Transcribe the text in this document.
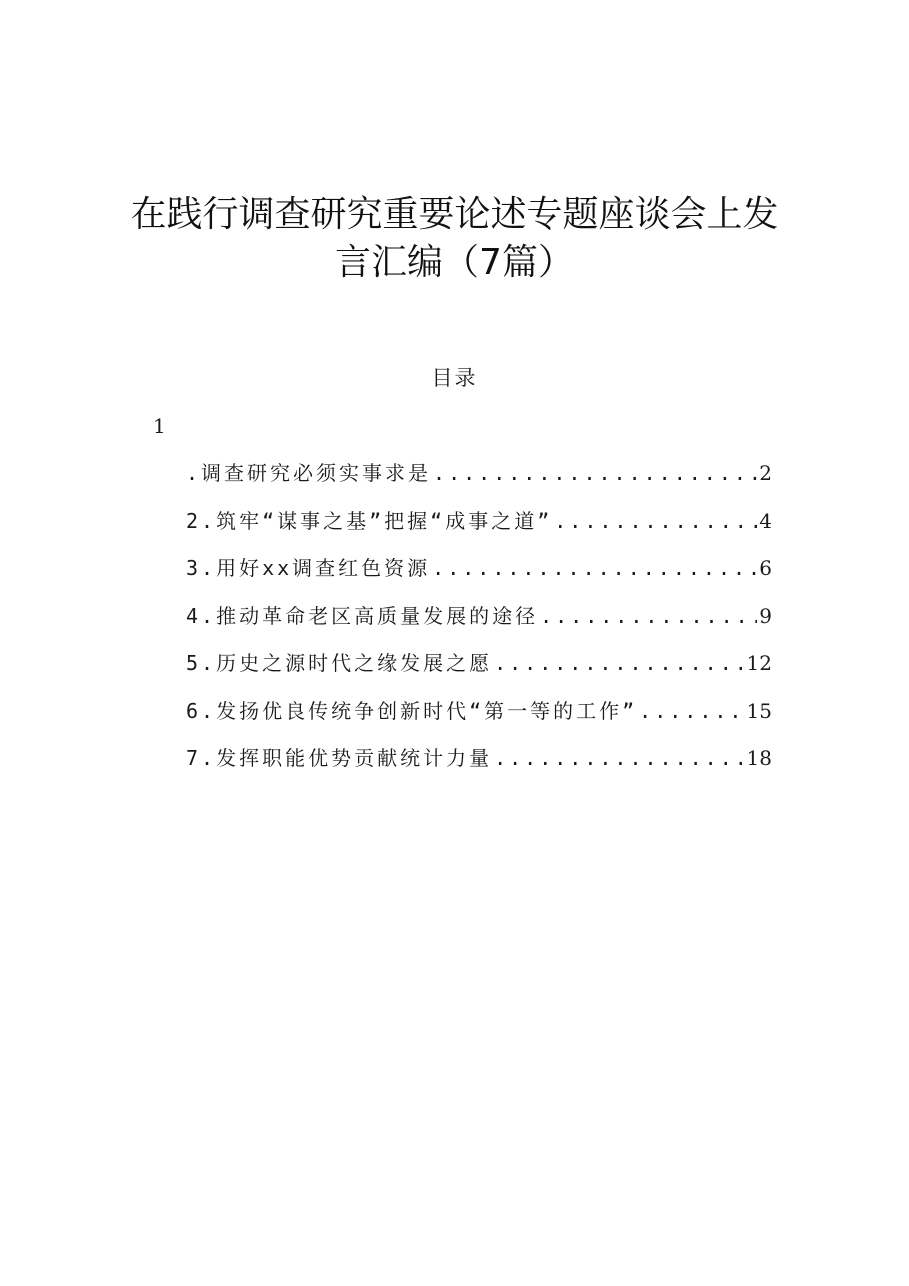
在践行调查研究重要论述专题座谈会上发
言汇编（7篇）
目录
1
.调查研究必须实事求是 .....	2
2.筑牢“谋事之基”把握“成事之道” .....	4
3.用好xx调查红色资源 .....	6
4.推动革命老区高质量发展的途径 .....	9
5.历史之源时代之缘发展之愿 .....	12
6.发扬优良传统争创新时代“第一等的工作” .....	15
7.发挥职能优势贡献统计力量 .....	18
